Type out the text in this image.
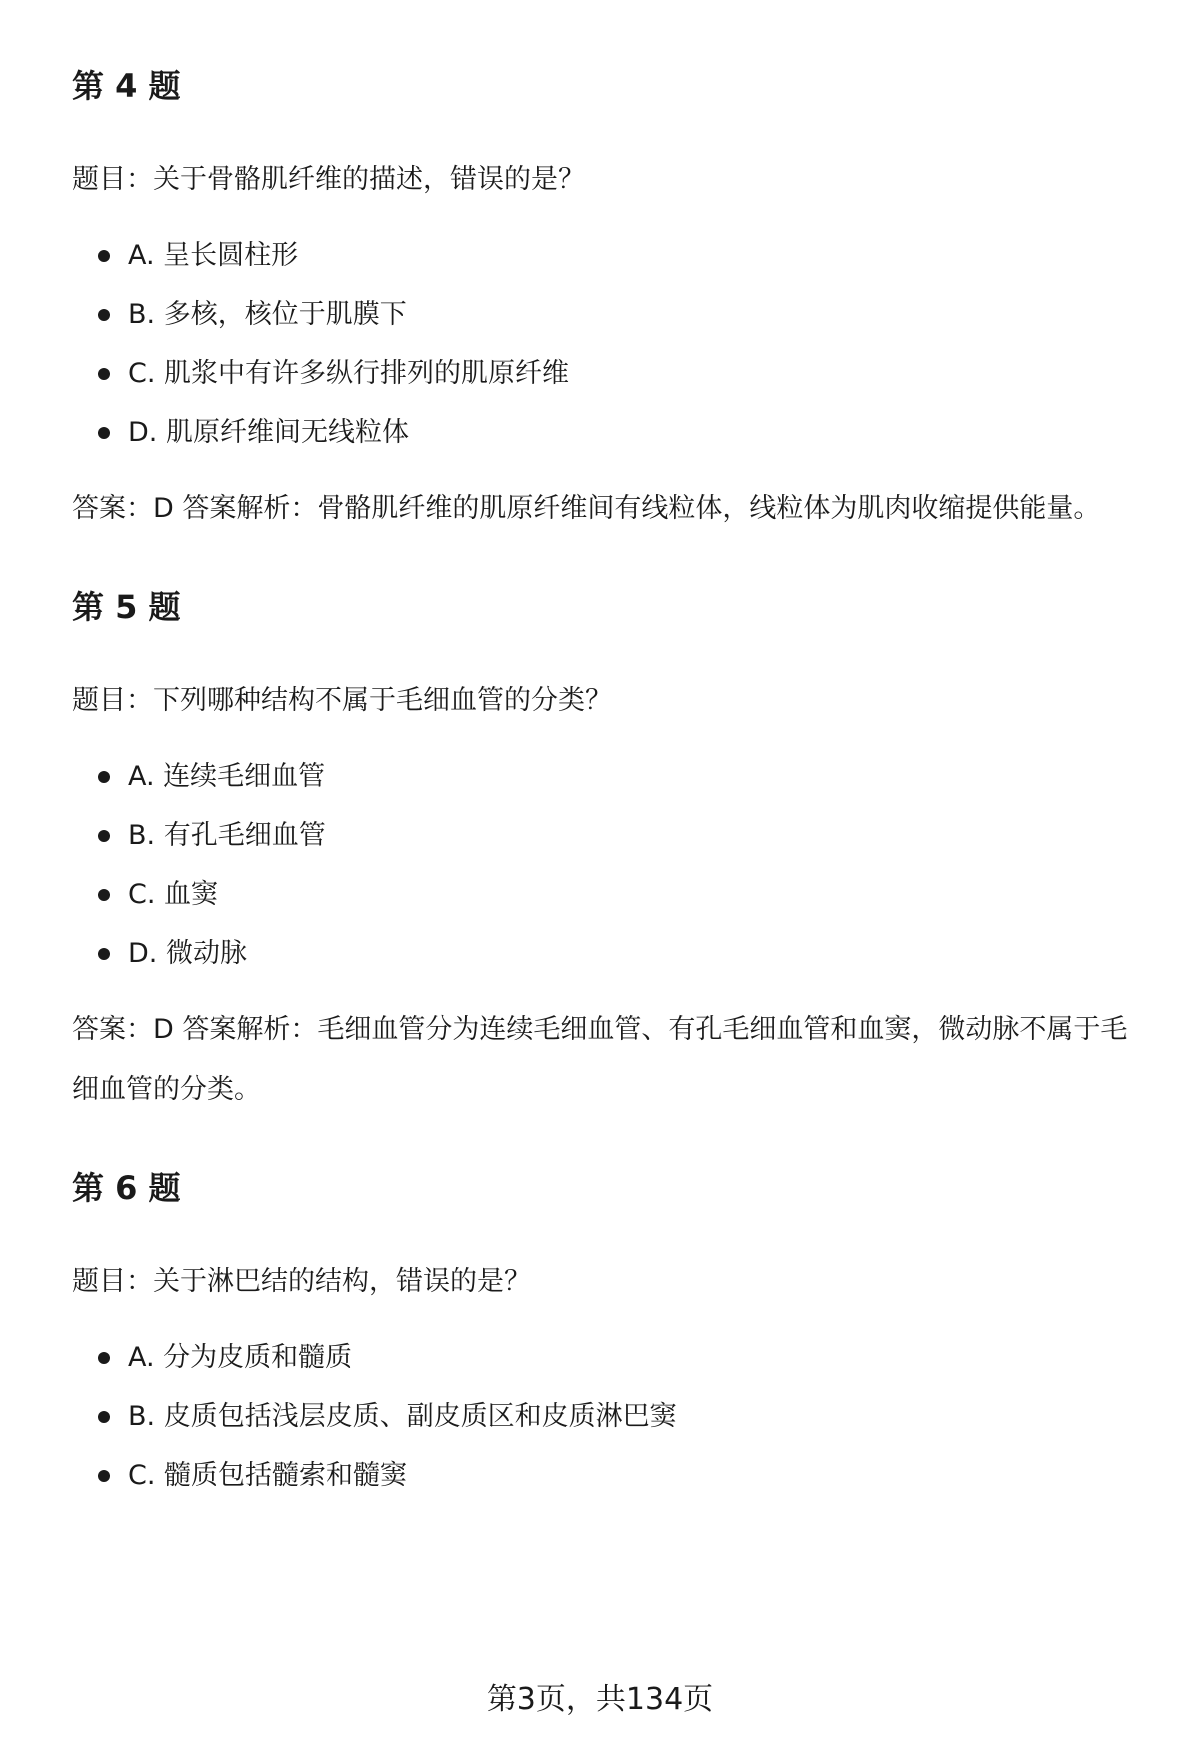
第 4 题

题目：关于骨骼肌纤维的描述，错误的是？

A. 呈长圆柱形
B. 多核，核位于肌膜下
C. 肌浆中有许多纵行排列的肌原纤维
D. 肌原纤维间无线粒体

答案：D 答案解析：骨骼肌纤维的肌原纤维间有线粒体，线粒体为肌肉收缩提供能量。

第 5 题

题目：下列哪种结构不属于毛细血管的分类？

A. 连续毛细血管
B. 有孔毛细血管
C. 血窦
D. 微动脉

答案：D 答案解析：毛细血管分为连续毛细血管、有孔毛细血管和血窦，微动脉不属于毛细血管的分类。

第 6 题

题目：关于淋巴结的结构，错误的是？

A. 分为皮质和髓质
B. 皮质包括浅层皮质、副皮质区和皮质淋巴窦
C. 髓质包括髓索和髓窦
第3页，共134页
